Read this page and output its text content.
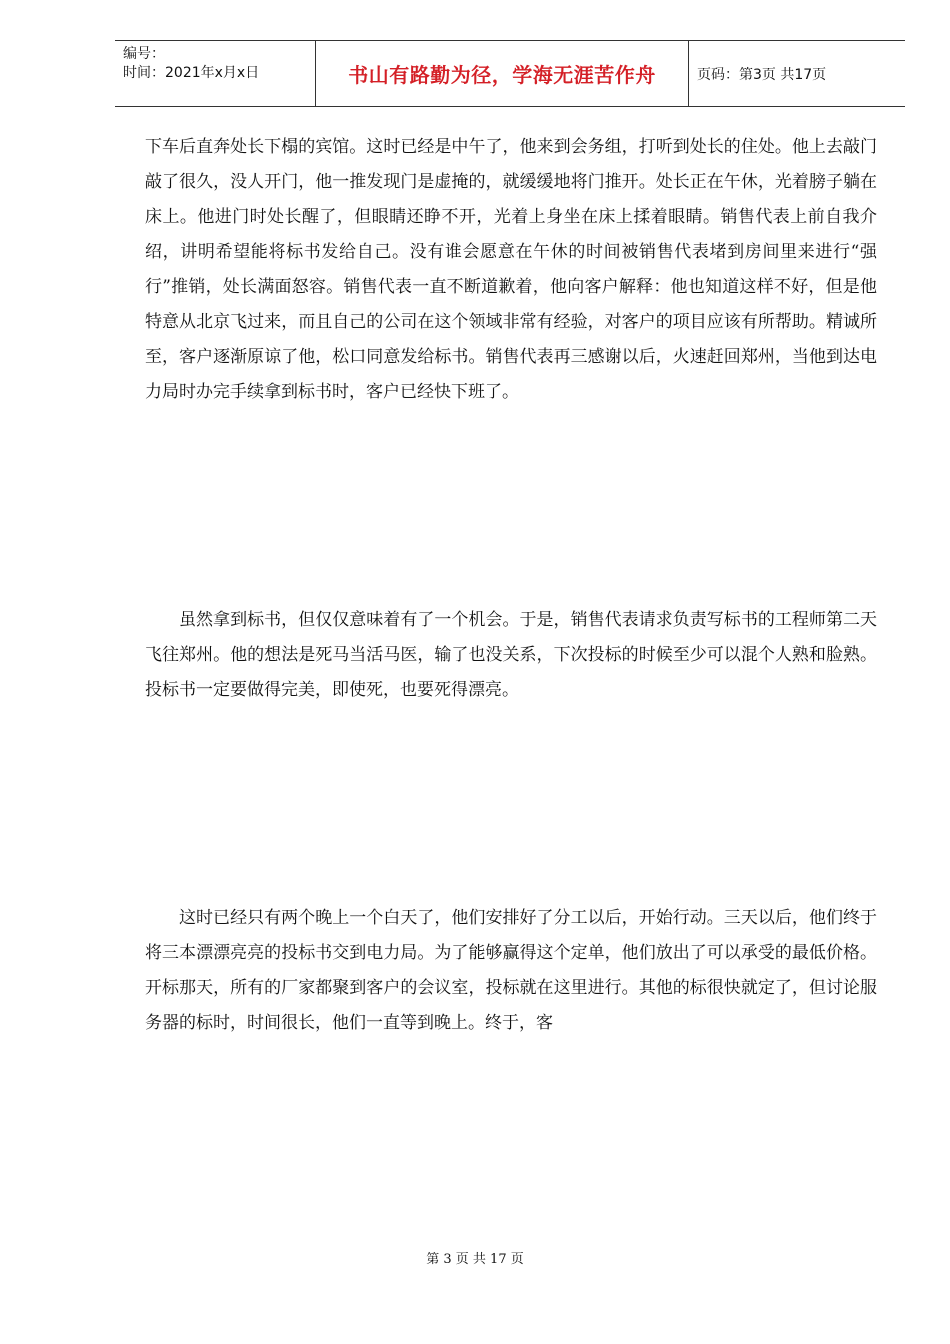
编号：
时间：2021年x月x日	书山有路勤为径，学海无涯苦作舟	页码：第3页 共17页

下车后直奔处长下榻的宾馆。这时已经是中午了，他来到会务组，打听到处长的住处。他上去敲门敲了很久，没人开门，他一推发现门是虚掩的，就缓缓地将门推开。处长正在午休，光着膀子躺在床上。他进门时处长醒了，但眼睛还睁不开，光着上身坐在床上揉着眼睛。销售代表上前自我介绍，讲明希望能将标书发给自己。没有谁会愿意在午休的时间被销售代表堵到房间里来进行“强行”推销，处长满面怒容。销售代表一直不断道歉着，他向客户解释：他也知道这样不好，但是他特意从北京飞过来，而且自己的公司在这个领域非常有经验，对客户的项目应该有所帮助。精诚所至，客户逐渐原谅了他，松口同意发给标书。销售代表再三感谢以后，火速赶回郑州，当他到达电力局时办完手续拿到标书时，客户已经快下班了。

虽然拿到标书，但仅仅意味着有了一个机会。于是，销售代表请求负责写标书的工程师第二天飞往郑州。他的想法是死马当活马医，输了也没关系，下次投标的时候至少可以混个人熟和脸熟。投标书一定要做得完美，即使死，也要死得漂亮。

这时已经只有两个晚上一个白天了，他们安排好了分工以后，开始行动。三天以后，他们终于将三本漂漂亮亮的投标书交到电力局。为了能够赢得这个定单，他们放出了可以承受的最低价格。开标那天，所有的厂家都聚到客户的会议室，投标就在这里进行。其他的标很快就定了，但讨论服务器的标时，时间很长，他们一直等到晚上。终于，客

第 3 页 共 17 页
